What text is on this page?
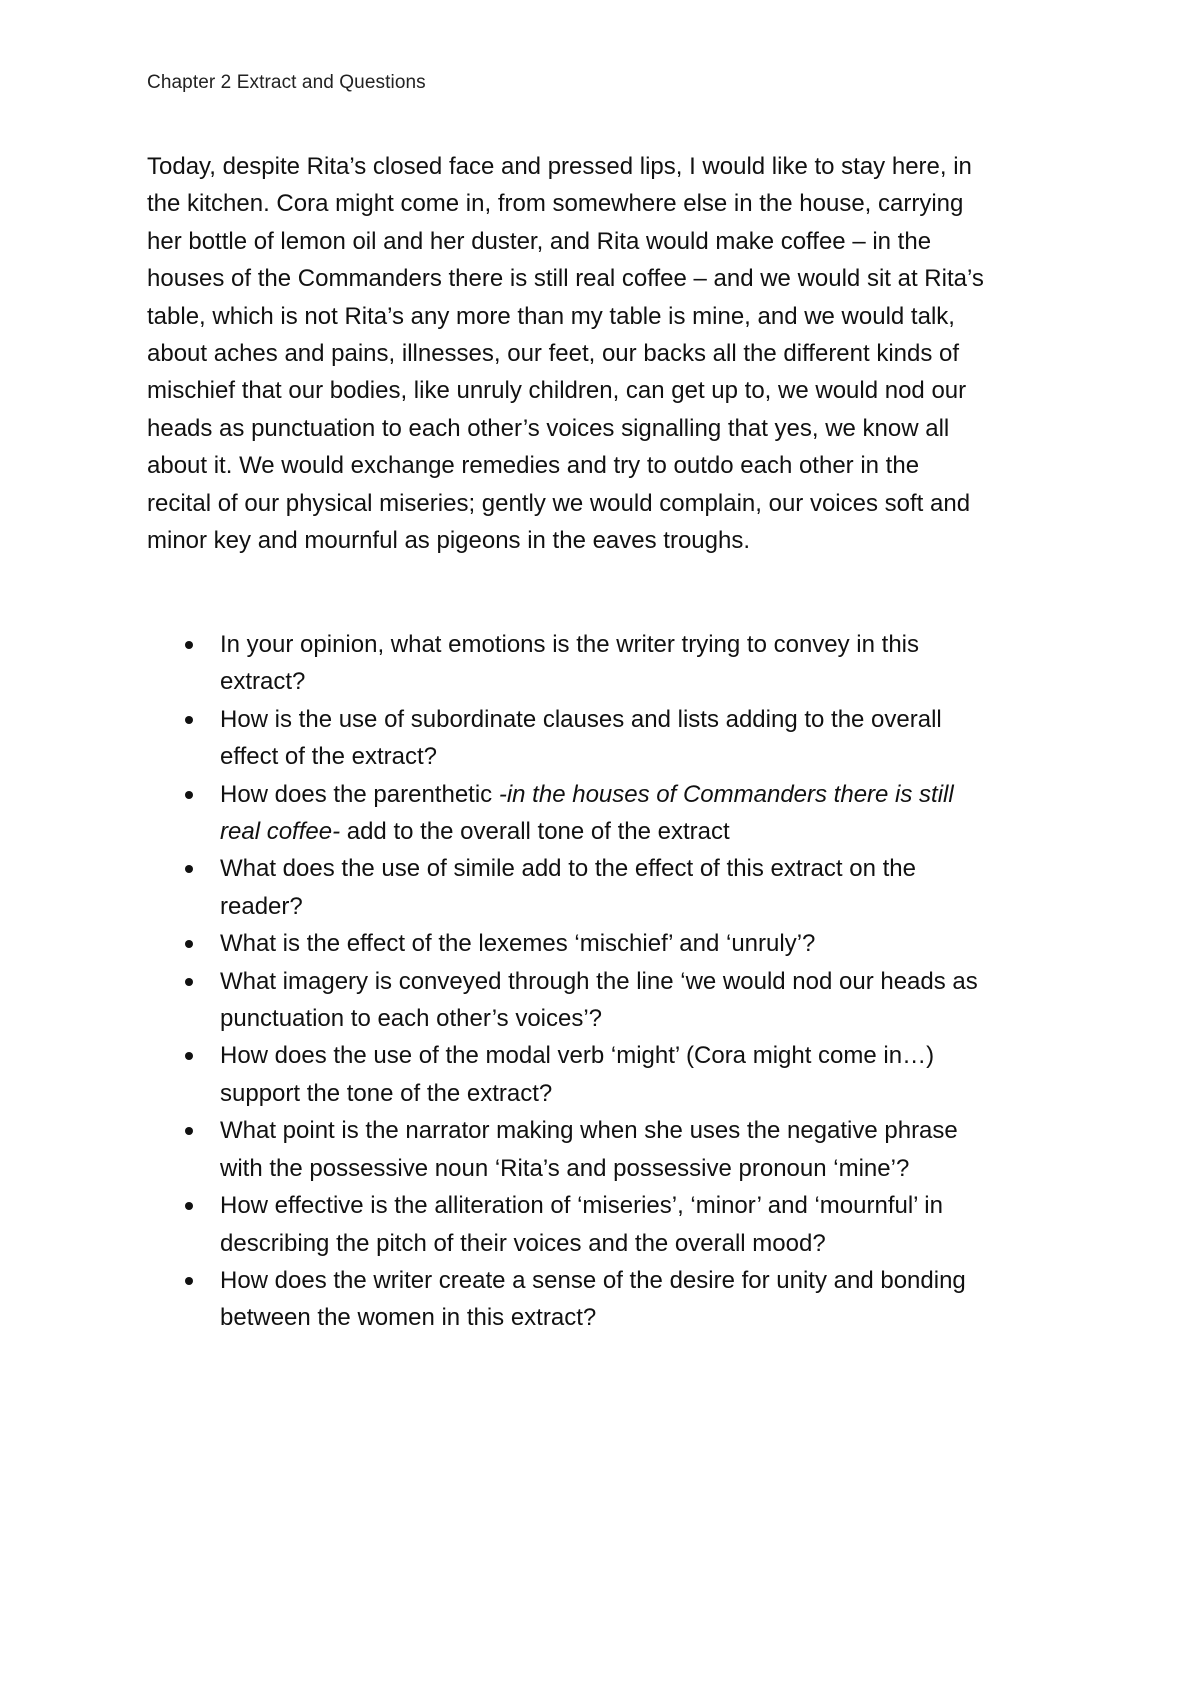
Chapter 2 Extract and Questions

Today, despite Rita’s closed face and pressed lips, I would like to stay here, in
the kitchen. Cora might come in, from somewhere else in the house, carrying
her bottle of lemon oil and her duster, and Rita would make coffee – in the
houses of the Commanders there is still real coffee – and we would sit at Rita’s
table, which is not Rita’s any more than my table is mine, and we would talk,
about aches and pains, illnesses, our feet, our backs all the different kinds of
mischief that our bodies, like unruly children, can get up to, we would nod our
heads as punctuation to each other’s voices signalling that yes, we know all
about it. We would exchange remedies and try to outdo each other in the
recital of our physical miseries; gently we would complain, our voices soft and
minor key and mournful as pigeons in the eaves troughs.

In your opinion, what emotions is the writer trying to convey in this
extract?
How is the use of subordinate clauses and lists adding to the overall
effect of the extract?
How does the parenthetic -in the houses of Commanders there is still
real coffee- add to the overall tone of the extract
What does the use of simile add to the effect of this extract on the
reader?
What is the effect of the lexemes ‘mischief’ and ‘unruly’?
What imagery is conveyed through the line ‘we would nod our heads as
punctuation to each other’s voices’?
How does the use of the modal verb ‘might’ (Cora might come in…)
support the tone of the extract?
What point is the narrator making when she uses the negative phrase
with the possessive noun ‘Rita’s and possessive pronoun ‘mine’?
How effective is the alliteration of ‘miseries’, ‘minor’ and ‘mournful’ in
describing the pitch of their voices and the overall mood?
How does the writer create a sense of the desire for unity and bonding
between the women in this extract?
